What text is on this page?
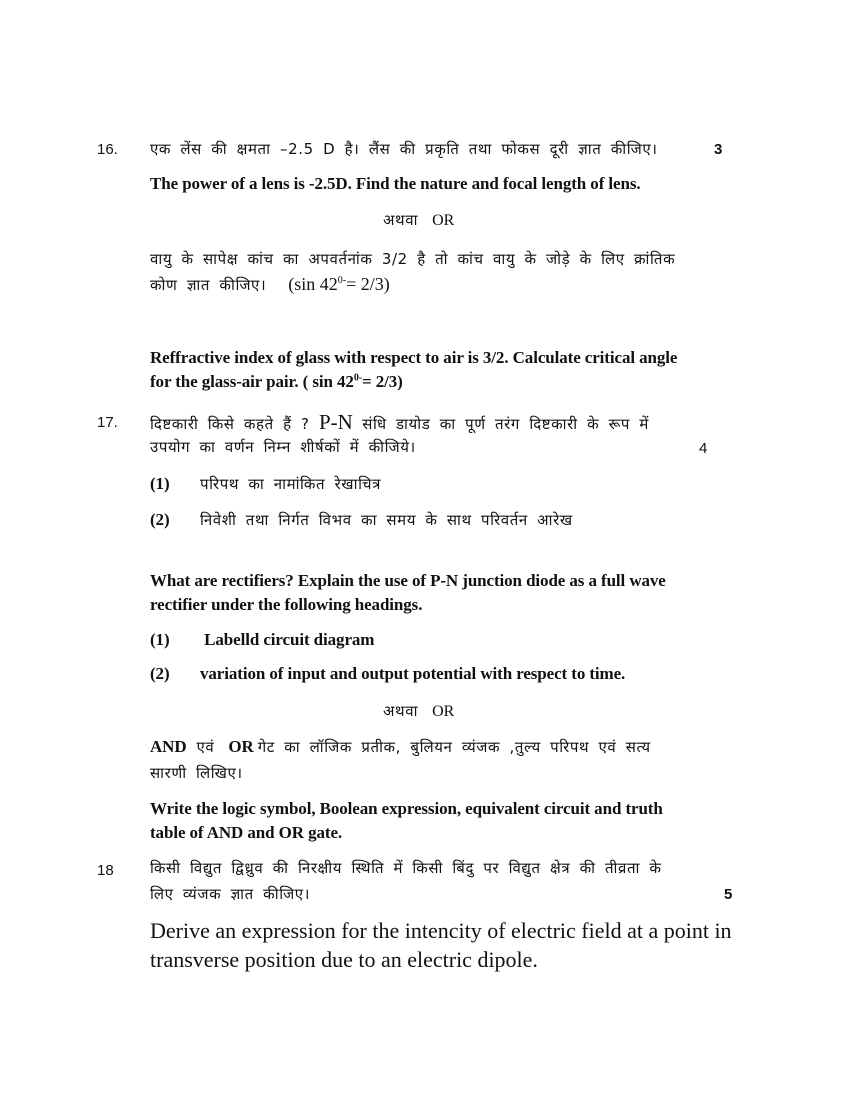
16. एक लेंस की क्षमता –2.5 D है। लैंस की प्रकृति तथा फोकस दूरी ज्ञात कीजिए।	3
The power of a lens is -2.5D. Find the nature and focal length of lens.
अथवा OR
वायु के सापेक्ष कांच का अपवर्तनांक 3/2 है तो कांच वायु के जोड़े के लिए क्रांतिक
कोण ज्ञात कीजिए। (sin $42^{0-}= 2/3$)
Reffractive index of glass with respect to air is 3/2. Calculate critical angle
for the glass-air pair. ( $\sin 42^{0-}= 2/3$)
17. दिष्टकारी किसे कहते हैं ? P-N संधि डायोड का पूर्ण तरंग दिष्टकारी के रूप में
उपयोग का वर्णन निम्न शीर्षकों में कीजिये।	4
(1) परिपथ का नामांकित रेखाचित्र
(2) निवेशी तथा निर्गत विभव का समय के साथ परिवर्तन आरेख
What are rectifiers? Explain the use of P-N junction diode as a full wave
rectifier under the following headings.
(1) Labelld circuit diagram
(2) variation of input and output potential with respect to time.
अथवा OR
AND एवं OR गेट का लॉजिक प्रतीक, बुलियन व्यंजक ,तुल्य परिपथ एवं सत्य
सारणी लिखिए।
Write the logic symbol, Boolean expression, equivalent circuit and truth
table of AND and OR gate.
18 किसी विद्युत द्विध्रुव की निरक्षीय स्थिति में किसी बिंदु पर विद्युत क्षेत्र की तीव्रता के
लिए व्यंजक ज्ञात कीजिए।	5
Derive an expression for the intencity of electric field at a point in
transverse position due to an electric dipole.
